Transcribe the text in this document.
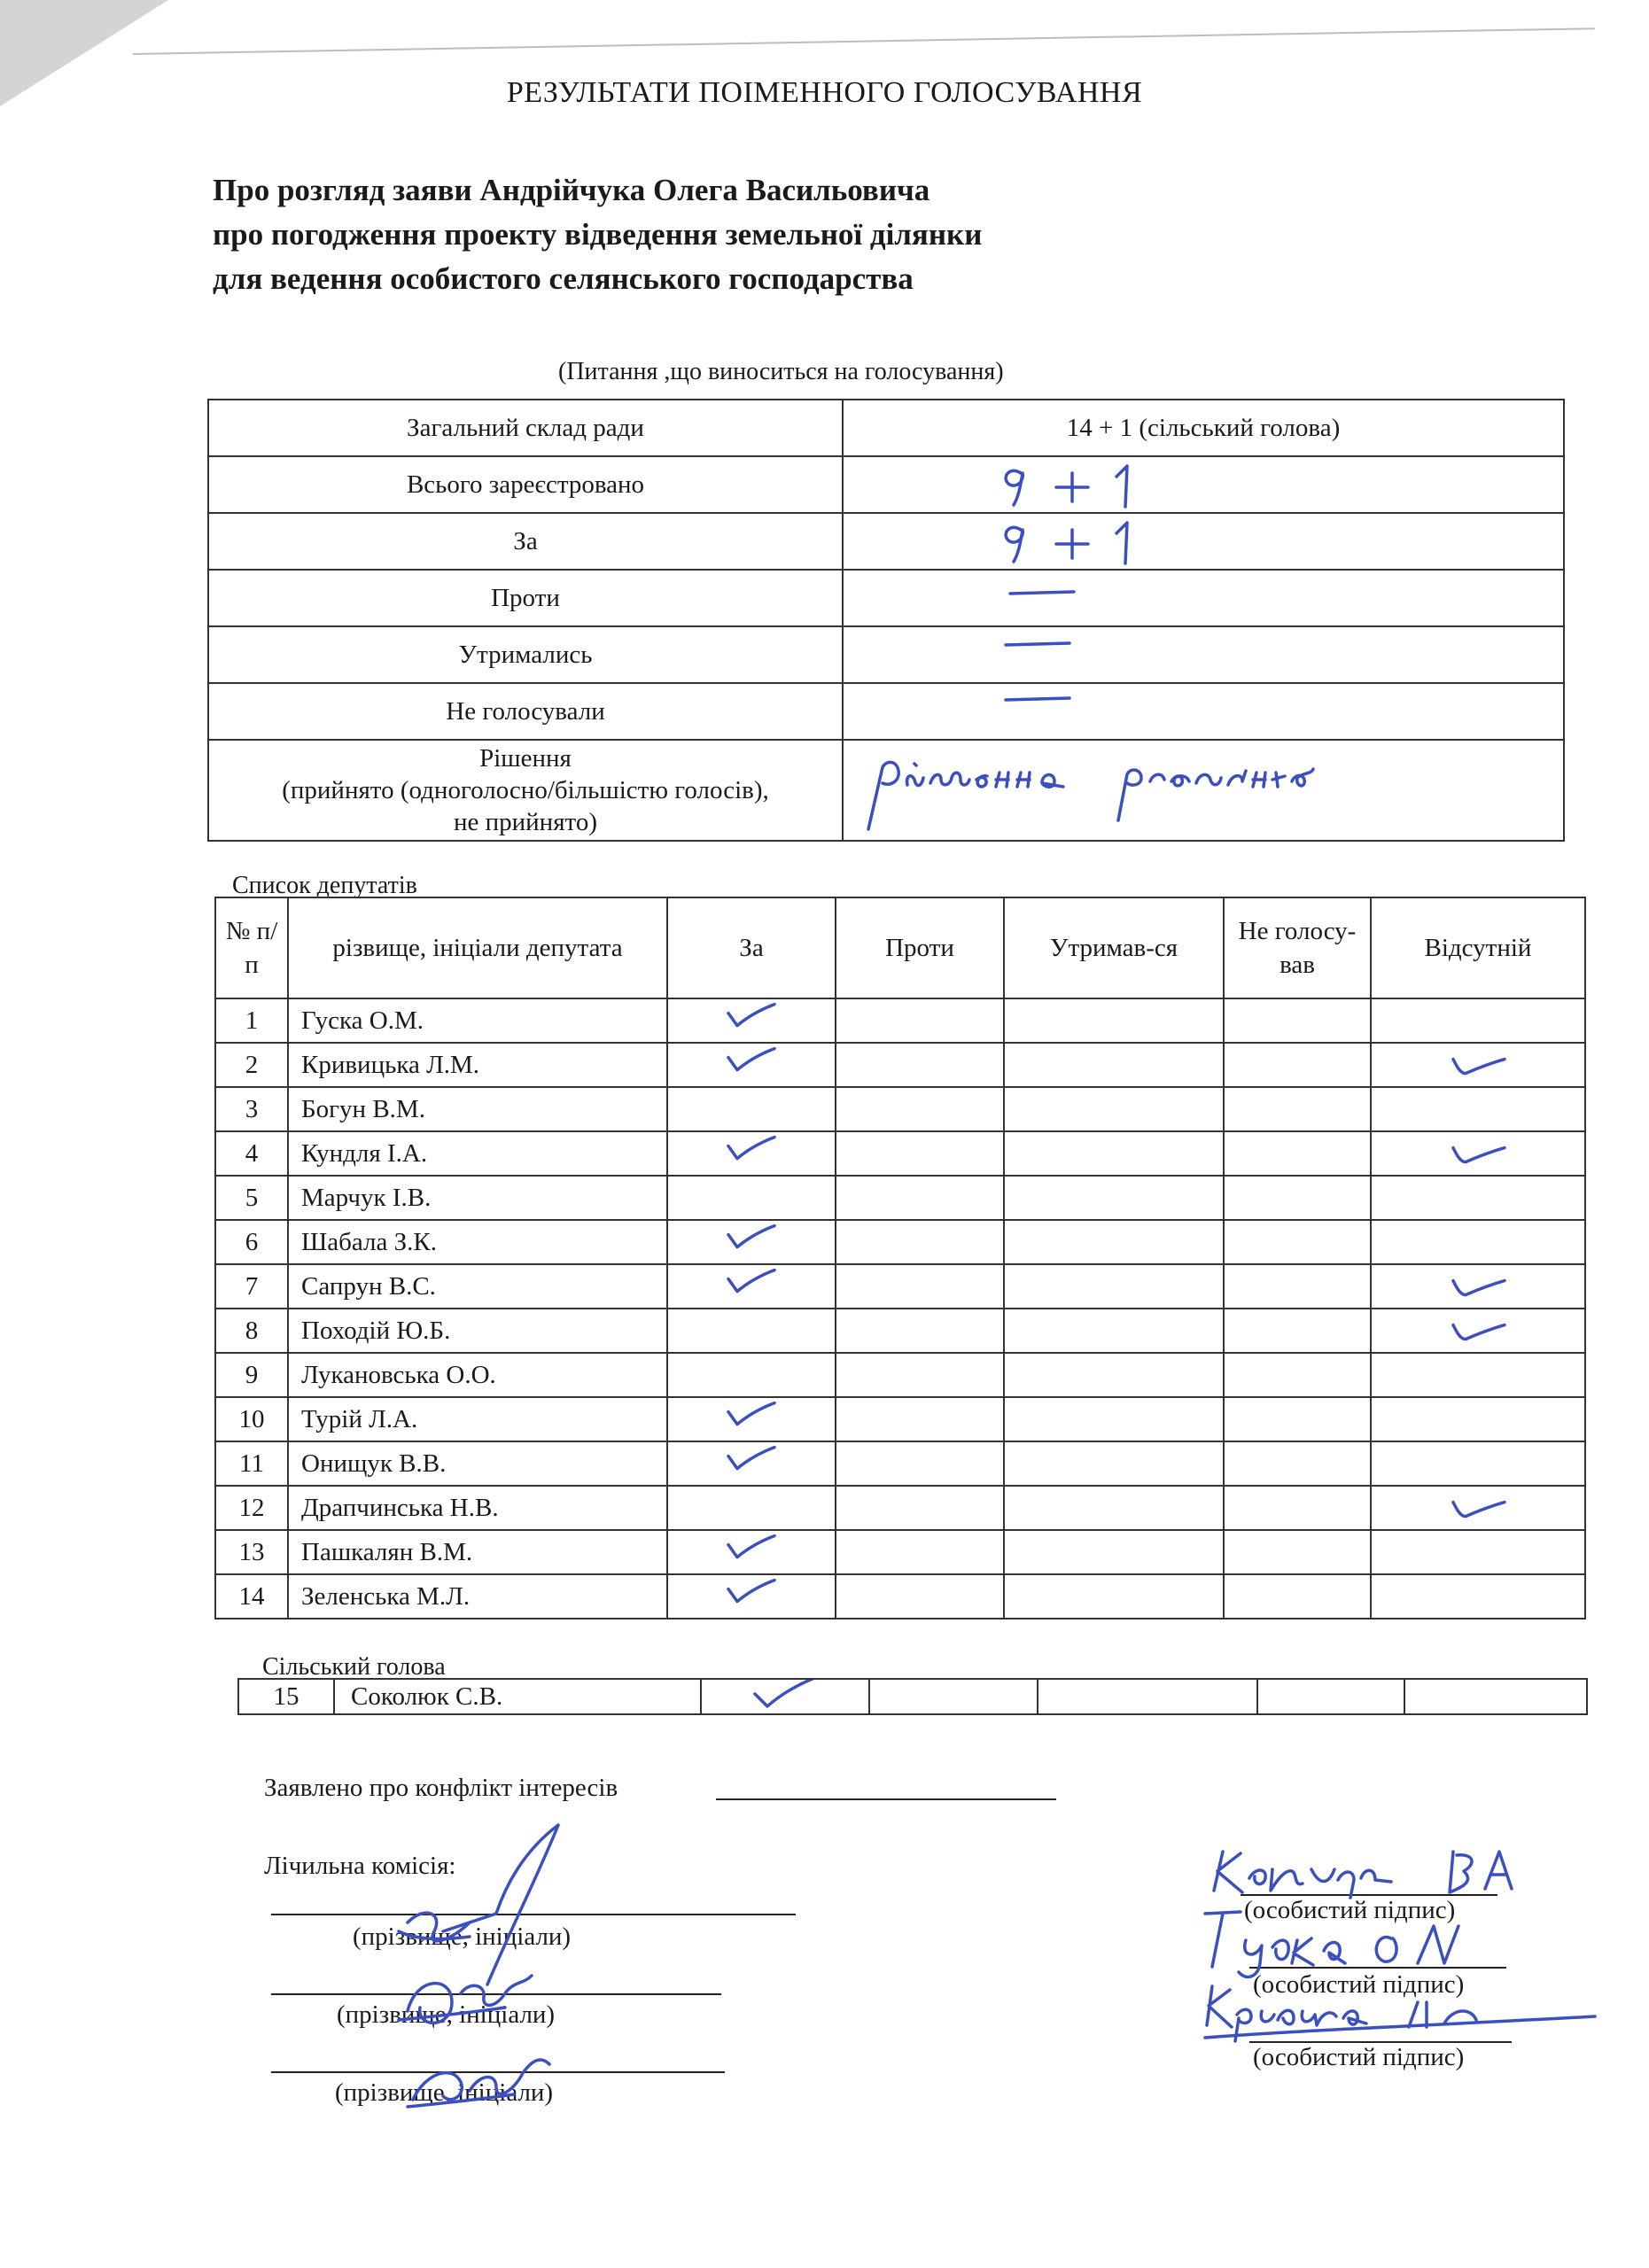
РЕЗУЛЬТАТИ ПОІМЕННОГО ГОЛОСУВАННЯ
Про розгляд заяви Андрійчука Олега Васильовича
про погодження проекту відведення земельної ділянки
для ведення особистого селянського господарства
(Питання ,що виноситься на голосування)
Загальний склад ради	14 + 1 (сільський голова)
Всього зареєстровано	

За	

Проти	

Утримались	

Не голосували	

Рішення
(прийнято (одноголосно/більшістю голосів),
не прийнято)

Список депутатів
№ п/п	різвище, ініціали депутата	За	Проти	Утримав-ся	Не голосу-вав	Відсутній
1	Гуска О.М.	

2	Кривицька Л.М.	

3	Богун В.М.					
4	Кундля І.А.	

5	Марчук І.В.					
6	Шабала З.К.	

7	Сапрун В.С.	

8	Походій Ю.Б.					

9	Лукановська О.О.					
10	Турій Л.А.	

11	Онищук В.В.	

12	Драпчинська Н.В.					

13	Пашкалян В.М.	

14	Зеленська М.Л.	

Сільський голова
15	Соколюк С.В.	

Заявлено про конфлікт інтересів
Лічильна комісія:
(прізвище, ініціали)
(прізвище, ініціали)
(прізвище, ініціали)
(особистий підпис)
(особистий підпис)
(особистий підпис)
